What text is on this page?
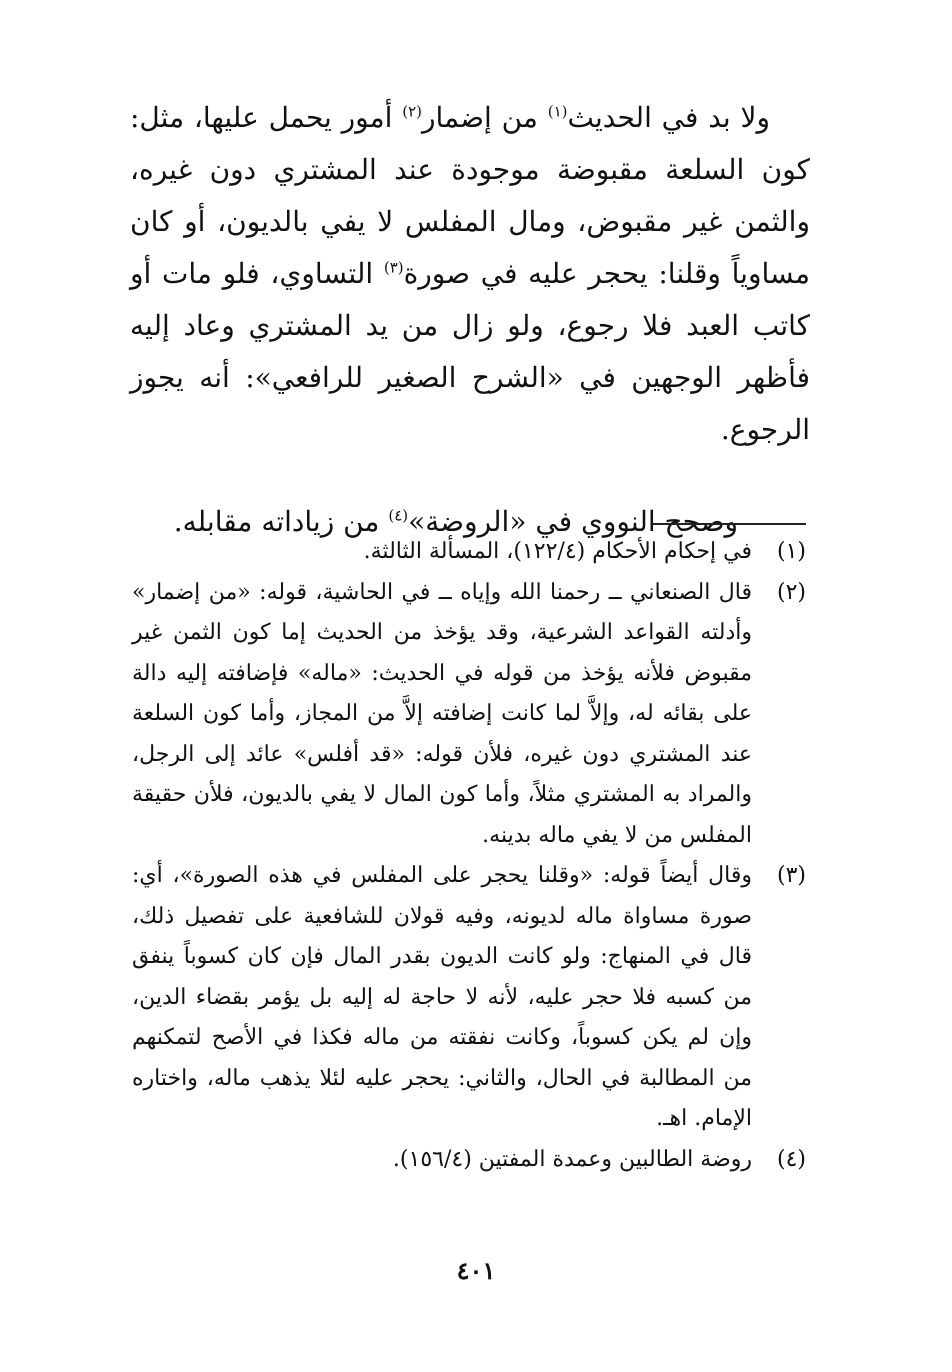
ولا بد في الحديث$^{(١)}$ من إضمار$^{(٢)}$ أمور يحمل عليها، مثل: كون السلعة مقبوضة موجودة عند المشتري دون غيره، والثمن غير مقبوض، ومال المفلس لا يفي بالديون، أو كان مساوياً وقلنا: يحجر عليه في صورة$^{(٣)}$ التساوي، فلو مات أو كاتب العبد فلا رجوع، ولو زال من يد المشتري وعاد إليه فأظهر الوجهين في «الشرح الصغير للرافعي»: أنه يجوز الرجوع.

وصحح النووي في «الروضة»$^{(٤)}$ من زياداته مقابله.

(١)
في إحكام الأحكام (١٢٢/٤)، المسألة الثالثة.
(٢)
قال الصنعاني ــ رحمنا الله وإياه ــ في الحاشية، قوله: «من إضمار» وأدلته القواعد الشرعية، وقد يؤخذ من الحديث إما كون الثمن غير مقبوض فلأنه يؤخذ من قوله في الحديث: «ماله» فإضافته إليه دالة على بقائه له، وإلاَّ لما كانت إضافته إلاَّ من المجاز، وأما كون السلعة عند المشتري دون غيره، فلأن قوله: «قد أفلس» عائد إلى الرجل، والمراد به المشتري مثلاً، وأما كون المال لا يفي بالديون، فلأن حقيقة المفلس من لا يفي ماله بدينه.
(٣)
وقال أيضاً قوله: «وقلنا يحجر على المفلس في هذه الصورة»، أي: صورة مساواة ماله لديونه، وفيه قولان للشافعية على تفصيل ذلك، قال في المنهاج: ولو كانت الديون بقدر المال فإن كان كسوباً ينفق من كسبه فلا حجر عليه، لأنه لا حاجة له إليه بل يؤمر بقضاء الدين، وإن لم يكن كسوباً، وكانت نفقته من ماله فكذا في الأصح لتمكنهم من المطالبة في الحال، والثاني: يحجر عليه لئلا يذهب ماله، واختاره الإمام. اهـ.
(٤)
روضة الطالبين وعمدة المفتين (١٥٦/٤).
٤٠١
